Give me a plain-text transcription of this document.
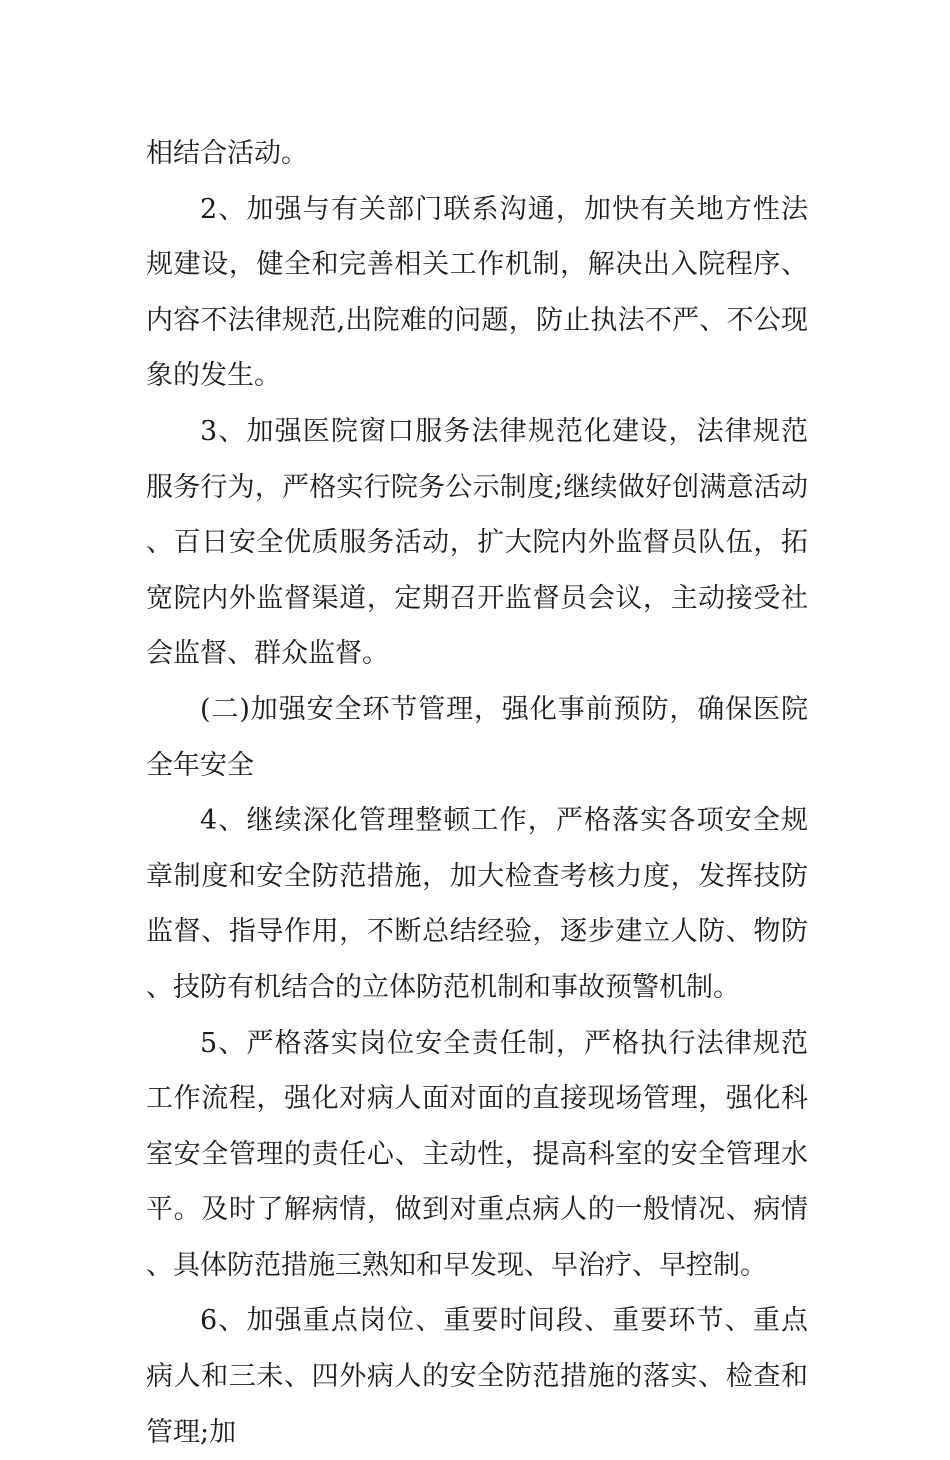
相结合活动。

2、加强与有关部门联系沟通，加快有关地方性法规建设，健全和完善相关工作机制，解决出入院程序、内容不法律规范,出院难的问题，防止执法不严、不公现象的发生。

3、加强医院窗口服务法律规范化建设，法律规范服务行为，严格实行院务公示制度;继续做好创满意活动、百日安全优质服务活动，扩大院内外监督员队伍，拓宽院内外监督渠道，定期召开监督员会议，主动接受社会监督、群众监督。

(二)加强安全环节管理，强化事前预防，确保医院全年安全

4、继续深化管理整顿工作，严格落实各项安全规章制度和安全防范措施，加大检查考核力度，发挥技防监督、指导作用，不断总结经验，逐步建立人防、物防、技防有机结合的立体防范机制和事故预警机制。

5、严格落实岗位安全责任制，严格执行法律规范工作流程，强化对病人面对面的直接现场管理，强化科室安全管理的责任心、主动性，提高科室的安全管理水平。及时了解病情，做到对重点病人的一般情况、病情、具体防范措施三熟知和早发现、早治疗、早控制。

6、加强重点岗位、重要时间段、重要环节、重点病人和三未、四外病人的安全防范措施的落实、检查和管理;加
